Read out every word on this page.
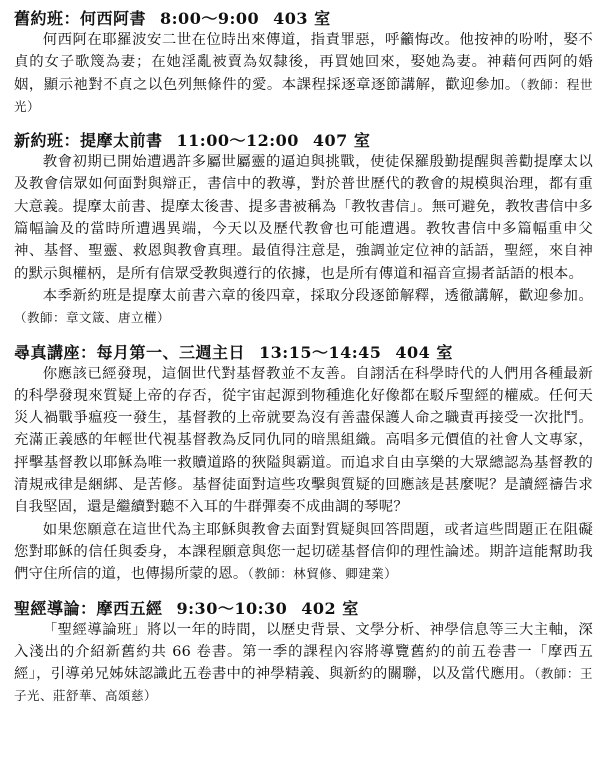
舊約班：何西阿書 8:00～9:00 403 室

何西阿在耶羅波安二世在位時出來傳道，指責罪惡，呼籲悔改。他按神的吩咐，娶不貞的女子歌篾為妻；在她淫亂被賣為奴隸後，再買她回來，娶她為妻。神藉何西阿的婚姻，顯示祂對不貞之以色列無條件的愛。本課程採逐章逐節講解，歡迎參加。（教師：程世光）

新約班：提摩太前書 11:00～12:00 407 室

教會初期已開始遭遇許多屬世屬靈的逼迫與挑戰，使徒保羅殷勤提醒與善勸提摩太以及教會信眾如何面對與辯正，書信中的教導，對於普世歷代的教會的規模與治理，都有重大意義。提摩太前書、提摩太後書、提多書被稱為「教牧書信」。無可避免，教牧書信中多篇幅論及的當時所遭遇異端，今天以及歷代教會也可能遭遇。教牧書信中多篇幅重申父神、基督、聖靈、救恩與教會真理。最值得注意是，強調並定位神的話語，聖經，來自神的默示與權柄，是所有信眾受教與遵行的依據，也是所有傳道和福音宣揚者話語的根本。

本季新約班是提摩太前書六章的後四章，採取分段逐節解釋，透徹講解，歡迎參加。（教師：章文箴、唐立權）

尋真講座：每月第一、三週主日 13:15～14:45 404 室

你應該已經發現，這個世代對基督教並不友善。自詡活在科學時代的人們用各種最新的科學發現來質疑上帝的存否，從宇宙起源到物種進化好像都在駁斥聖經的權威。任何天災人禍戰爭瘟疫一發生，基督教的上帝就要為沒有善盡保護人命之職責再接受一次批鬥。充滿正義感的年輕世代視基督教為反同仇同的暗黑組織。高唱多元價值的社會人文專家，抨擊基督教以耶穌為唯一救贖道路的狹隘與霸道。而追求自由享樂的大眾總認為基督教的清規戒律是綑綁、是苦修。基督徒面對這些攻擊與質疑的回應該是甚麼呢？是讀經禱告求自我堅固，還是繼續對聽不入耳的牛群彈奏不成曲調的琴呢？

如果您願意在這世代為主耶穌與教會去面對質疑與回答問題，或者這些問題正在阻礙您對耶穌的信任與委身，本課程願意與您一起切磋基督信仰的理性論述。期許這能幫助我們守住所信的道，也傳揚所蒙的恩。（教師：林貿修、卿建業）

聖經導論：摩西五經 9:30～10:30 402 室

「聖經導論班」將以一年的時間，以歷史背景、文學分析、神學信息等三大主軸，深入淺出的介紹新舊約共 66 卷書。第一季的課程內容將導覽舊約的前五卷書一「摩西五經」，引導弟兄姊妹認識此五卷書中的神學精義、與新約的關聯，以及當代應用。（教師：王子光、莊舒華、高頌慈）
